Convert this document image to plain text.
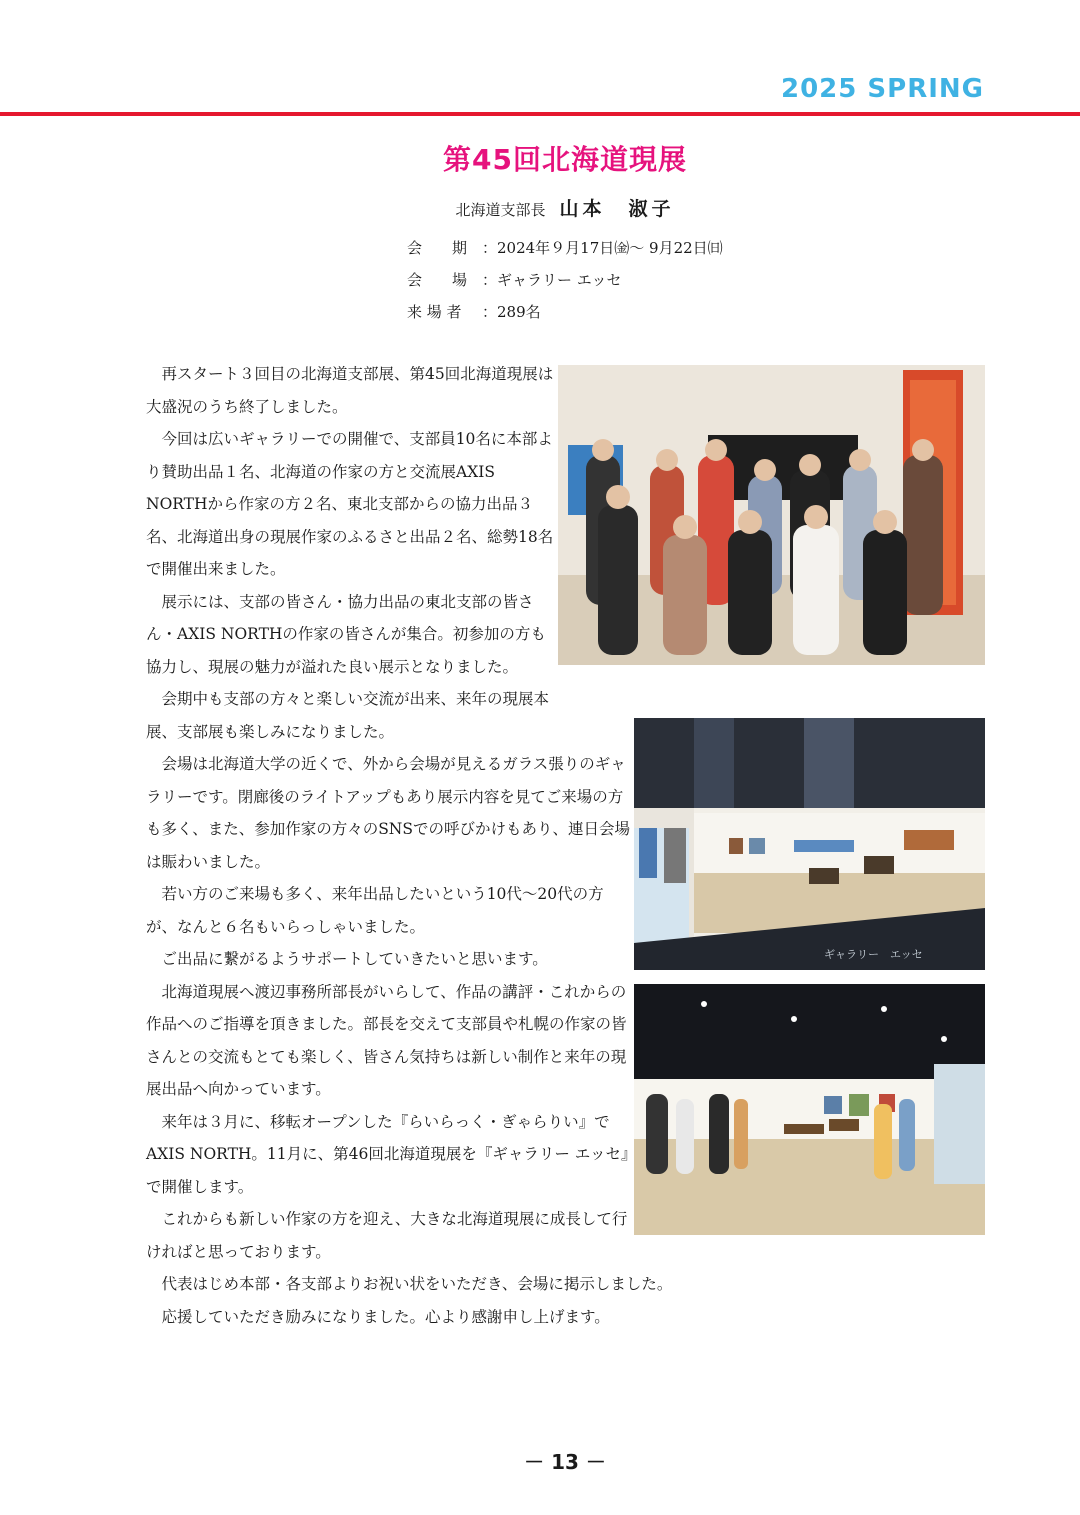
2025 SPRING
第45回北海道現展
北海道支部長 山本　淑子
会　　期 ：2024年９月17日㈮～ 9月22日㈰
会　　場 ：ギャラリー エッセ
来 場 者 ：289名

再スタート３回目の北海道支部展、第45回北海道現展は大盛況のうち終了しました。

今回は広いギャラリーでの開催で、支部員10名に本部より賛助出品１名、北海道の作家の方と交流展AXIS NORTHから作家の方２名、東北支部からの協力出品３名、北海道出身の現展作家のふるさと出品２名、総勢18名で開催出来ました。

展示には、支部の皆さん・協力出品の東北支部の皆さん・AXIS NORTHの作家の皆さんが集合。初参加の方も協力し、現展の魅力が溢れた良い展示となりました。

会期中も支部の方々と楽しい交流が出来、来年の現展本展、支部展も楽しみになりました。

会場は北海道大学の近くで、外から会場が見えるガラス張りのギャラリーです。閉廊後のライトアップもあり展示内容を見てご来場の方も多く、また、参加作家の方々のSNSでの呼びかけもあり、連日会場は賑わいました。

若い方のご来場も多く、来年出品したいという10代～20代の方が、なんと６名もいらっしゃいました。

ご出品に繋がるようサポートしていきたいと思います。

北海道現展へ渡辺事務所部長がいらして、作品の講評・これからの作品へのご指導を頂きました。部長を交えて支部員や札幌の作家の皆さんとの交流もとても楽しく、皆さん気持ちは新しい制作と来年の現展出品へ向かっています。

来年は３月に、移転オープンした『らいらっく・ぎゃらりい』でAXIS NORTH。11月に、第46回北海道現展を『ギャラリー エッセ』で開催します。

これからも新しい作家の方を迎え、大きな北海道現展に成長して行ければと思っております。

代表はじめ本部・各支部よりお祝い状をいただき、会場に掲示しました。

応援していただき励みになりました。心より感謝申し上げます。

ギャラリー　エッセ
－ 13 －
